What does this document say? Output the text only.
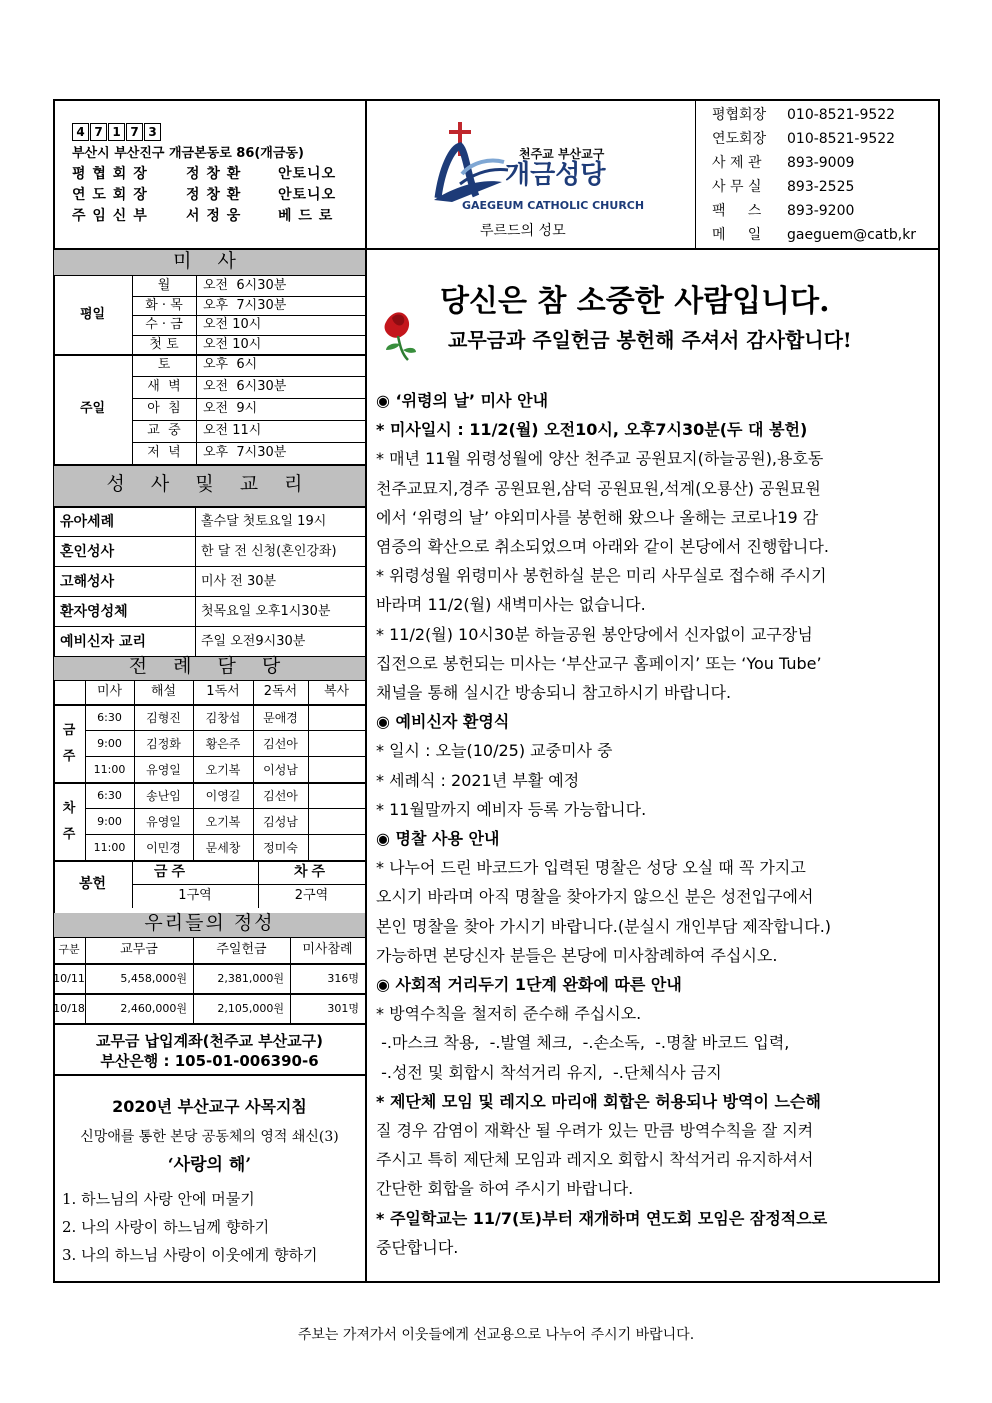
4 7 1 7 3
부산시 부산진구 개금본동로 86(개금동)	천주교 부산교구
개금성당
GAEGEUM CATHOLIC CHURCH
루르드의 성모
미 사
성 사 및 교 리
전 례 담 당
우리들의 정성
교무금 납입계좌(천주교 부산교구)
부산은행 : 105-01-006390-6
2020년 부산교구 사목지침
신망애를 통한 본당 공동체의 영적 쇄신(3)
‘사랑의 해’
당신은 참 소중한 사람입니다.
교무금과 주일헌금 봉헌해 주셔서 감사합니다!
주보는 가져가서 이웃들에게 선교용으로 나누어 주시기 바랍니다.
평 협 회 장	정 창 환	안토니오
연 도 회 장	정 창 환	안토니오
주 임 신 부	서 정 웅	베 드 로
평협회장 010-8521-9522
연도회장 010-8521-9522
사 제 관 893-9009
사 무 실 893-2525
팩     스 893-9200
메     일 gaeguem@catb,kr
월	오전  6시30분
화 · 목	오후  7시30분
수 · 금	오전 10시
첫 토	오전 10시
평일
토	오후  6시
새  벽	오전  6시30분
아  침	오전  9시
교  중	오전 11시
저  녁	오후  7시30분
주일
유아세례	홀수달 첫토요일 19시
혼인성사	한 달 전 신청(혼인강좌)
고해성사	미사 전 30분
환자영성체	첫목요일 오후1시30분
예비신자 교리	주일 오전9시30분
미사	해설	1독서	2독서	복사
6:30	김형진	김창섭	문애경
9:00	김정화	황은주	김선아
11:00	유영일	오기복	이성남
금
주
6:30	송난임	이영길	김선아
9:00	유영일	오기복	김성남
11:00	이민경	문세창	정미숙
차
주
금주	차주
1구역	2구역
봉헌
구분	교무금	주일헌금	미사참례
10/11	5,458,000원	2,381,000원	316명
10/18	2,460,000원	2,105,000원	301명
1. 하느님의 사랑 안에 머물기
2. 나의 사랑이 하느님께 향하기
3. 나의 하느님 사랑이 이웃에게 향하기
◉ ‘위령의 날’ 미사 안내
* 미사일시 : 11/2(월) 오전10시, 오후7시30분(두 대 봉헌)
* 매년 11월 위령성월에 양산 천주교 공원묘지(하늘공원),용호동
천주교묘지,경주 공원묘원,삼덕 공원묘원,석계(오룡산) 공원묘원
에서 ‘위령의 날’ 야외미사를 봉헌해 왔으나 올해는 코로나19 감
염증의 확산으로 취소되었으며 아래와 같이 본당에서 진행합니다.
* 위령성월 위령미사 봉헌하실 분은 미리 사무실로 접수해 주시기
바라며 11/2(월) 새벽미사는 없습니다.
* 11/2(월) 10시30분 하늘공원 봉안당에서 신자없이 교구장님
집전으로 봉헌되는 미사는 ‘부산교구 홈페이지’ 또는 ‘You Tube’
채널을 통해 실시간 방송되니 참고하시기 바랍니다.
◉ 예비신자 환영식
* 일시 : 오늘(10/25) 교중미사 중
* 세례식 : 2021년 부활 예정
* 11월말까지 예비자 등록 가능합니다.
◉ 명찰 사용 안내
* 나누어 드린 바코드가 입력된 명찰은 성당 오실 때 꼭 가지고
오시기 바라며 아직 명찰을 찾아가지 않으신 분은 성전입구에서
본인 명찰을 찾아 가시기 바랍니다.(분실시 개인부담 제작합니다.)
가능하면 본당신자 분들은 본당에 미사참례하여 주십시오.
◉ 사회적 거리두기 1단계 완화에 따른 안내
* 방역수칙을 철저히 준수해 주십시오.
-.마스크 착용,  -.발열 체크,  -.손소독,  -.명찰 바코드 입력,
-.성전 및 회합시 착석거리 유지,  -.단체식사 금지
* 제단체 모임 및 레지오 마리애 회합은 허용되나 방역이 느슨해
질 경우 감염이 재확산 될 우려가 있는 만큼 방역수칙을 잘 지켜
주시고 특히 제단체 모임과 레지오 회합시 착석거리 유지하셔서
간단한 회합을 하여 주시기 바랍니다.
* 주일학교는 11/7(토)부터 재개하며 연도회 모임은 잠정적으로
중단합니다.
